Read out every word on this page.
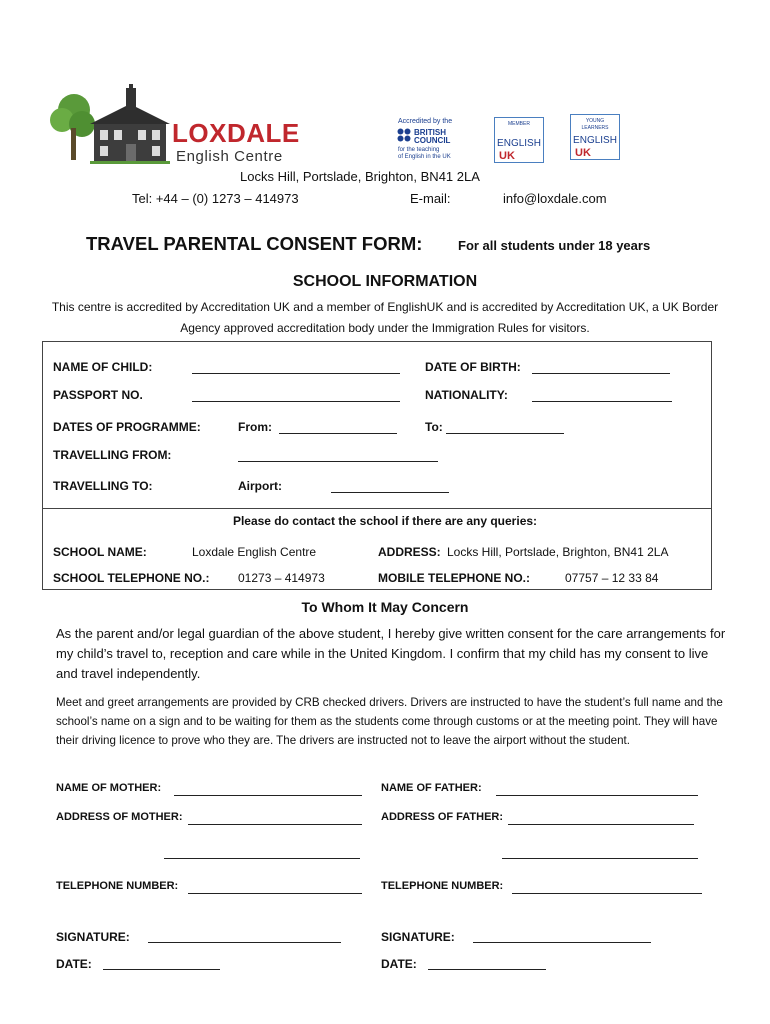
LOXDALE
English Centre
Accredited by the
BRITISH
COUNCIL
for the teaching
of English in the UK
MEMBER
ENGLISH
UK
YOUNG
LEARNERS
ENGLISH
UK
Locks Hill, Portslade, Brighton, BN41 2LA
Tel: +44 – (0) 1273 – 414973	E-mail:	info@loxdale.com
TRAVEL PARENTAL CONSENT FORM:	For all students under 18 years
SCHOOL INFORMATION
This centre is accredited by Accreditation UK and a member of EnglishUK and is accredited by Accreditation UK, a UK Border Agency approved accreditation body under the Immigration Rules for visitors.
NAME OF CHILD:	DATE OF BIRTH:
PASSPORT NO.	NATIONALITY:
DATES OF PROGRAMME:	From:	To:
TRAVELLING FROM:
TRAVELLING TO:	Airport:
Please do contact the school if there are any queries:
SCHOOL NAME:	Loxdale English Centre	ADDRESS: Locks Hill, Portslade, Brighton, BN41 2LA
SCHOOL TELEPHONE NO.: 01273 – 414973	MOBILE TELEPHONE NO.:	07757 – 12 33 84
To Whom It May Concern
As the parent and/or legal guardian of the above student, I hereby give written consent for the care arrangements for my child’s travel to, reception and care while in the United Kingdom. I confirm that my child has my consent to live and travel independently.
Meet and greet arrangements are provided by CRB checked drivers. Drivers are instructed to have the student’s full name and the school’s name on a sign and to be waiting for them as the students come through customs or at the meeting point. They will have their driving licence to prove who they are. The drivers are instructed not to leave the airport without the student.
NAME OF MOTHER:	NAME OF FATHER:
ADDRESS OF MOTHER:	ADDRESS OF FATHER:
TELEPHONE NUMBER:	TELEPHONE NUMBER:
SIGNATURE:	SIGNATURE:
DATE:	DATE:
